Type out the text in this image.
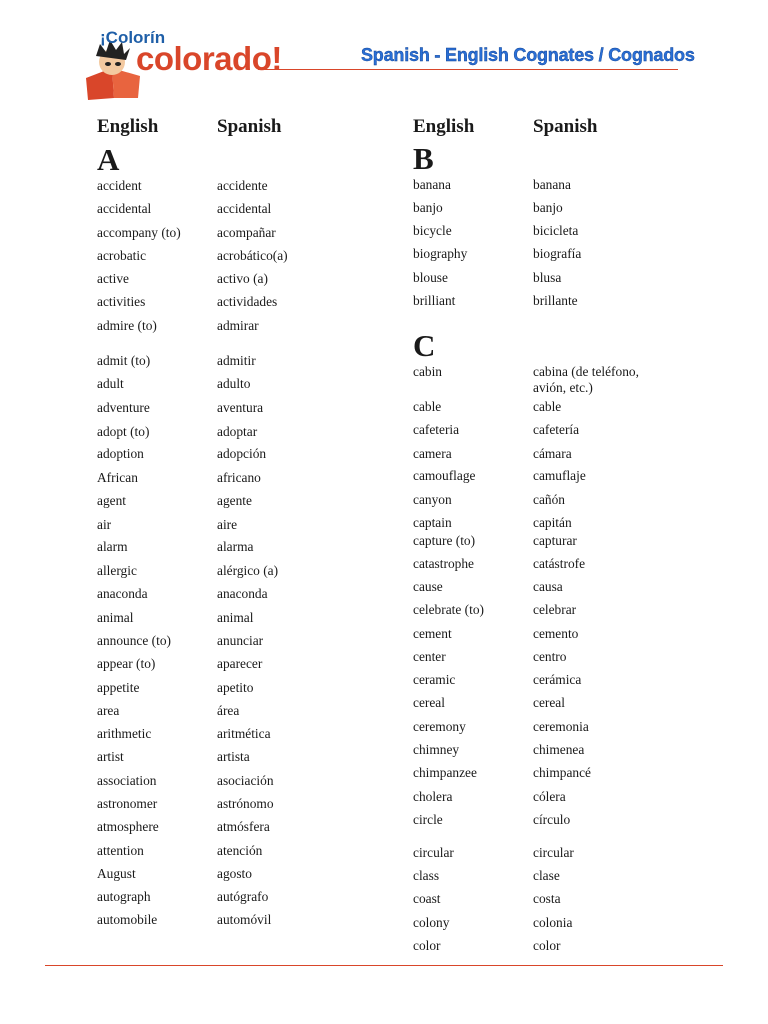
¡Colorín
colorado!	Spanish - English Cognates / Cognados
English	Spanish	English	Spanish
A
accident	accidente
accidental	accidental
accompany (to)	acompañar
acrobatic	acrobático(a)
active	activo (a)
activities	actividades
admire (to)	admirar
admit (to)	admitir
adult	adulto
adventure	aventura
adopt (to)	adoptar
adoption	adopción
African	africano
agent	agente
air	aire
alarm	alarma
allergic	alérgico (a)
anaconda	anaconda
animal	animal
announce (to)	anunciar
appear (to)	aparecer
appetite	apetito
area	área
arithmetic	aritmética
artist	artista
association	asociación
astronomer	astrónomo
atmosphere	atmósfera
attention	atención
August	agosto
autograph	autógrafo
automobile	automóvil
B
banana	banana
banjo	banjo
bicycle	bicicleta
biography	biografía
blouse	blusa
brilliant	brillante
C
cabin	cabina (de teléfono, avión, etc.)
cable	cable
cafeteria	cafetería
camera	cámara
camouflage	camuflaje
canyon	cañón
captain	capitán
capture (to)	capturar
catastrophe	catástrofe
cause	causa
celebrate (to)	celebrar
cement	cemento
center	centro
ceramic	cerámica
cereal	cereal
ceremony	ceremonia
chimney	chimenea
chimpanzee	chimpancé
cholera	cólera
circle	círculo
circular	circular
class	clase
coast	costa
colony	colonia
color	color
